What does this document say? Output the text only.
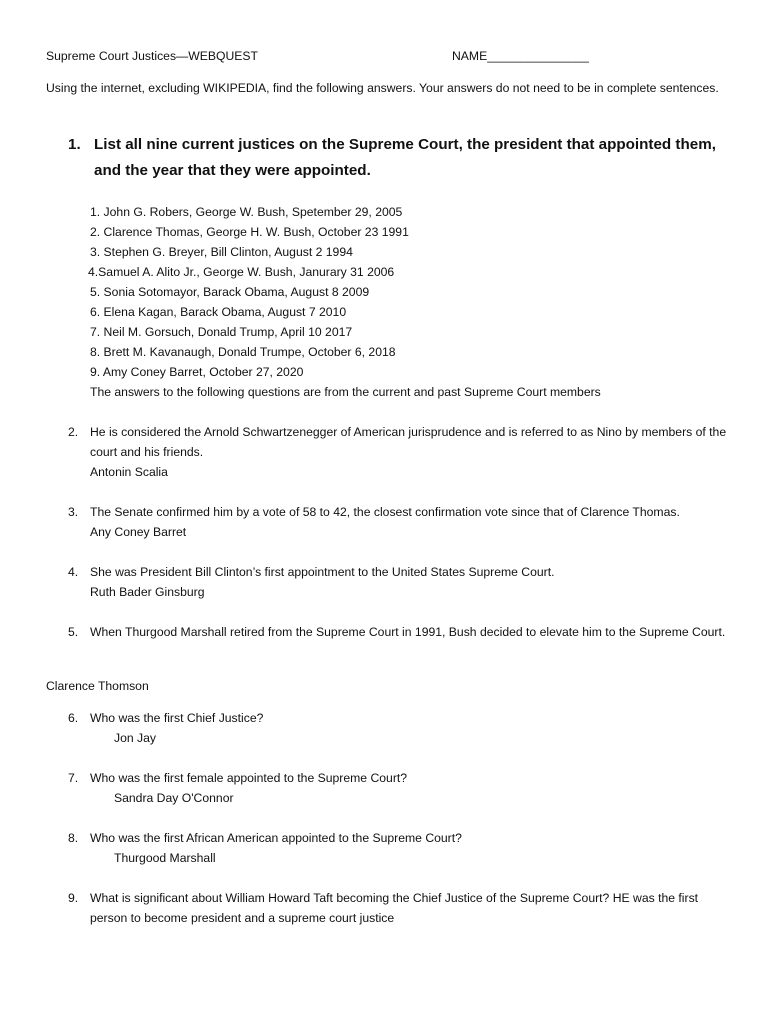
Supreme Court Justices—WEBQUEST	NAME_______________
Using the internet, excluding WIKIPEDIA, find the following answers. Your answers do not need to be in complete sentences.
1. List all nine current justices on the Supreme Court, the president that appointed them, and the year that they were appointed.
1. John G. Robers, George W. Bush, Spetember 29, 2005
2. Clarence Thomas, George H. W. Bush, October 23 1991
3. Stephen G. Breyer, Bill Clinton, August 2 1994
4.Samuel A. Alito Jr., George W. Bush, Janurary 31 2006
5. Sonia Sotomayor, Barack Obama, August 8 2009
6. Elena Kagan, Barack Obama, August 7 2010
7. Neil M. Gorsuch, Donald Trump, April 10 2017
8. Brett M. Kavanaugh, Donald Trumpe, October 6, 2018
9. Amy Coney Barret, October 27, 2020
The answers to the following questions are from the current and past Supreme Court members
2. He is considered the Arnold Schwartzenegger of American jurisprudence and is referred to as Nino by members of the court and his friends.
Antonin Scalia
3. The Senate confirmed him by a vote of 58 to 42, the closest confirmation vote since that of Clarence Thomas.
Any Coney Barret
4. She was President Bill Clinton’s first appointment to the United States Supreme Court.
Ruth Bader Ginsburg
5. When Thurgood Marshall retired from the Supreme Court in 1991, Bush decided to elevate him to the Supreme Court.
Clarence Thomson
6. Who was the first Chief Justice?
Jon Jay
7. Who was the first female appointed to the Supreme Court?
Sandra Day O'Connor
8. Who was the first African American appointed to the Supreme Court?
Thurgood Marshall
9. What is significant about William Howard Taft becoming the Chief Justice of the Supreme Court? HE was the first person to become president and a supreme court justice
